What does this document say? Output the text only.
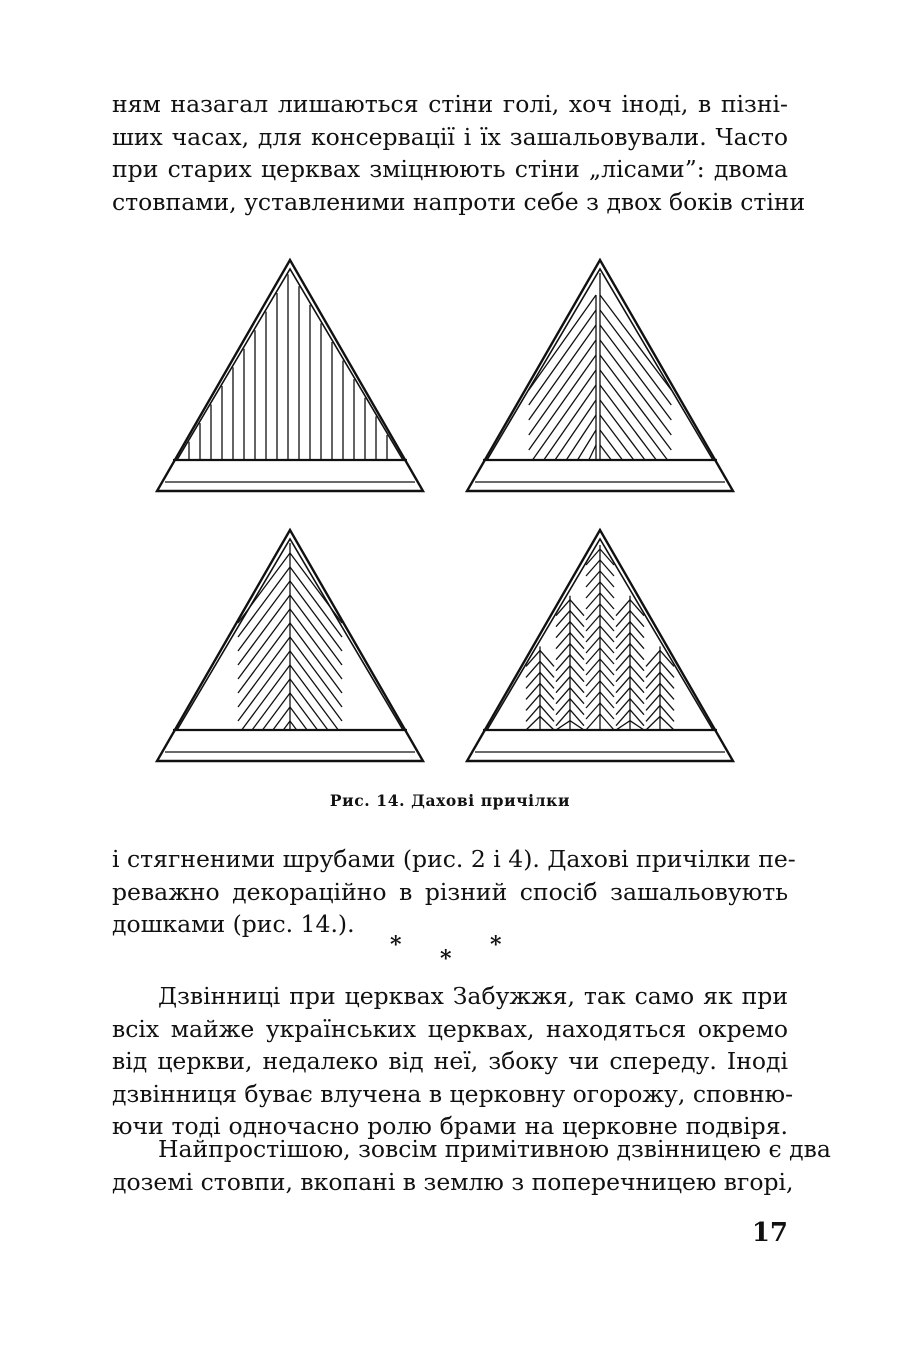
ням назагал лишаються стіни голі, хоч іноді, в пізні-
ших часах, для консервації і їх зашальовували. Часто
при старих церквах зміцнюють стіни „лісами”: двома
стовпами, уставленими напроти себе з двох боків стіни

Рис. 14. Дахові причілки

і стягненими шрубами (рис. 2 і 4). Дахові причілки пе-
реважно декораційно в різний спосіб зашальовують
дошками (рис. 14.).

*
*
*

Дзвінниці при церквах Забужжя, так само як при
всіх майже українських церквах, находяться окремо
від церкви, недалеко від неї, збоку чи спереду. Іноді
дзвінниця буває влучена в церковну огорожу, сповню-
ючи тоді одночасно ролю брами на церковне подвіря.

Найпростішою, зовсім примітивною дзвінницею є два
доземі стовпи, вкопані в землю з поперечницею вгорі,

17
